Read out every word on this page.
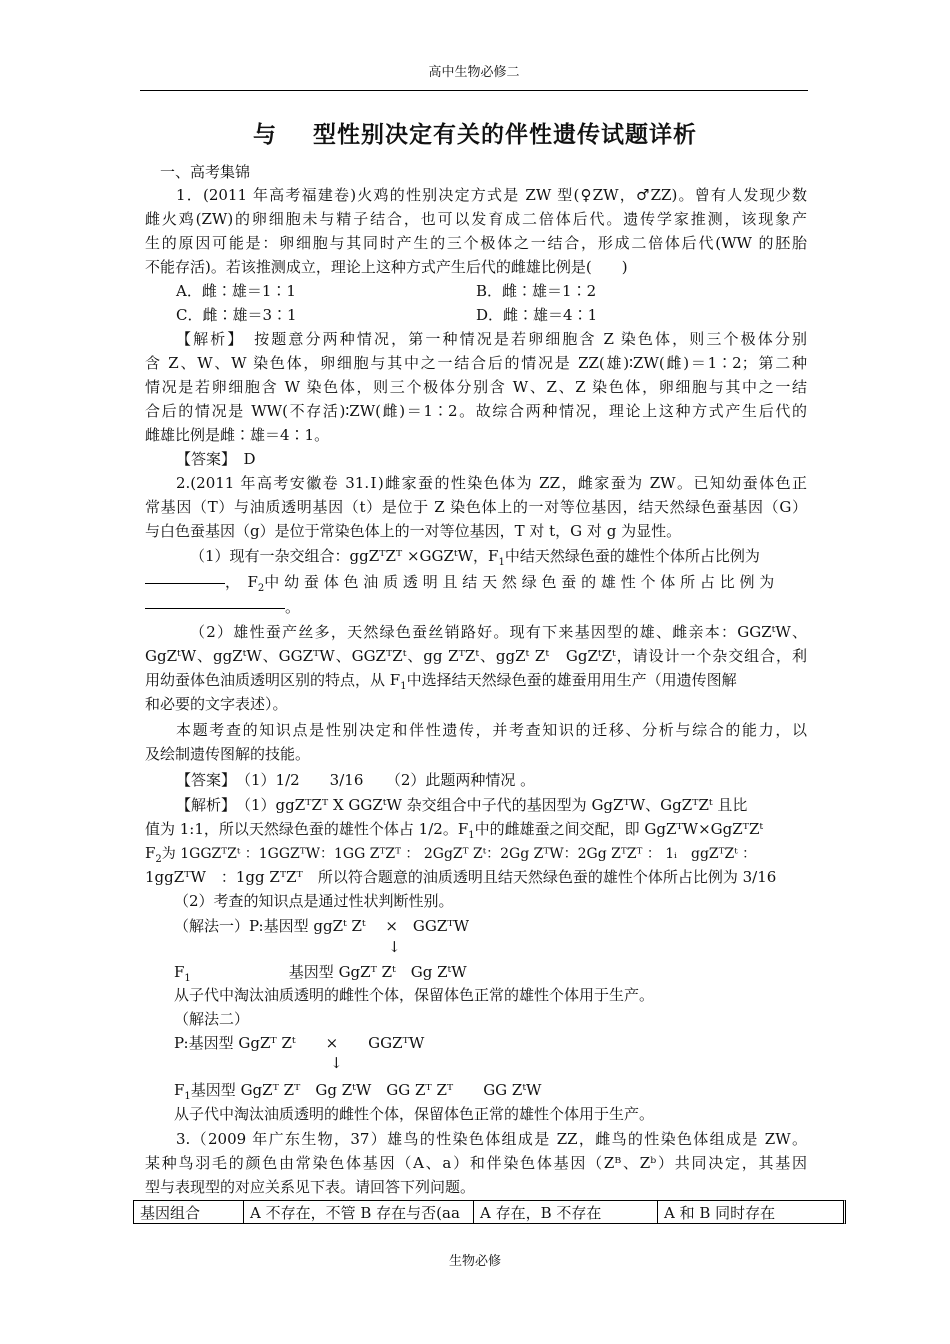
高中生物必修二
与 型性别决定有关的伴性遗传试题详析
一、高考集锦
1．(2011 年高考福建卷)火鸡的性别决定方式是 ZW 型(♀ZW，♂ZZ)。曾有人发现少数
雌火鸡(ZW)的卵细胞未与精子结合，也可以发育成二倍体后代。遗传学家推测，该现象产
生的原因可能是：卵细胞与其同时产生的三个极体之一结合，形成二倍体后代(WW 的胚胎
不能存活)。若该推测成立，理论上这种方式产生后代的雌雄比例是(　　)
A．雌∶雄＝1∶1	B．雌∶雄＝1∶2
C．雌∶雄＝3∶1	D．雌∶雄＝4∶1
【解析】　按题意分两种情况，第一种情况是若卵细胞含 Z 染色体，则三个极体分别
含 Z、W、W 染色体，卵细胞与其中之一结合后的情况是 ZZ(雄)∶ZW(雌)＝1∶2；第二种
情况是若卵细胞含 W 染色体，则三个极体分别含 W、Z、Z 染色体，卵细胞与其中之一结
合后的情况是 WW(不存活)∶ZW(雌)＝1∶2。故综合两种情况，理论上这种方式产生后代的
雌雄比例是雌∶雄＝4∶1。
【答案】　D
2.(2011 年高考安徽卷 31.Ⅰ)雌家蚕的性染色体为 ZZ，雌家蚕为 ZW。已知幼蚕体色正
常基因（T）与油质透明基因（t）是位于 Z 染色体上的一对等位基因，结天然绿色蚕基因（G）
与白色蚕基因（g）是位于常染色体上的一对等位基因，T 对 t，G 对 g 为显性。
（1）现有一杂交组合：ggZᵀZᵀ ×GGZᵗW，$F_1$中结天然绿色蚕的雄性个体所占比例为
，　$F_2$中幼蚕体色油质透明且结天然绿色蚕的雄性个体所占比例为
。
（2）雄性蚕产丝多，天然绿色蚕丝销路好。现有下来基因型的雄、雌亲本：GGZᵗW、
GgZᵗW、ggZᵗW、GGZᵀW、GGZᵀZᵗ、gg ZᵀZᵗ、ggZᵗ Zᵗ　GgZᵗZᵗ，请设计一个杂交组合，利
用幼蚕体色油质透明区别的特点，从 $F_1$中选择结天然绿色蚕的雄蚕用用生产（用遗传图解
和必要的文字表述）。
本题考查的知识点是性别决定和伴性遗传，并考查知识的迁移、分析与综合的能力，以
及绘制遗传图解的技能。
【答案】　（1）1/2　　3/16　　（2）此题两种情况 。
【解析】　（1）ggZᵀZᵀ X GGZᵗW 杂交组合中子代的基因型为 GgZᵀW、GgZᵀZᵗ 且比
值为 1:1，所以天然绿色蚕的雄性个体占 1/2。$F_1$中的雌雄蚕之间交配，即 GgZᵀW×GgZᵀZᵗ
$F_2$为 1GGZᵀZᵗ ：1GGZᵀW：1GG ZᵀZᵀ ： 2GgZᵀ Zᵗ：2Gg ZᵀW：2Gg ZᵀZᵀ ： 1ᵢ　ggZᵀZᵗ ：
1ggZᵀW　：1gg ZᵀZᵀ　所以符合题意的油质透明且结天然绿色蚕的雄性个体所占比例为 3/16
（2）考查的知识点是通过性状判断性别。
（解法一）P:基因型 ggZᵗ Zᵗ　 ×　GGZᵀW
↓
$F_1$	基因型 GgZᵀ Zᵗ　Gg ZᵗW
从子代中淘汰油质透明的雌性个体，保留体色正常的雄性个体用于生产。
（解法二）
P:基因型 GgZᵀ Zᵗ　　×　　GGZᵀW
↓
$F_1$基因型 GgZᵀ Zᵀ　Gg ZᵗW　GG Zᵀ Zᵀ　　GG ZᵗW
从子代中淘汰油质透明的雌性个体，保留体色正常的雄性个体用于生产。
3.（2009 年广东生物，37）雄鸟的性染色体组成是 ZZ，雌鸟的性染色体组成是 ZW。
某种鸟羽毛的颜色由常染色体基因（A、a）和伴染色体基因（Zᴮ、Zᵇ）共同决定，其基因
型与表现型的对应关系见下表。请回答下列问题。
基因组合	A 不存在，不管 B 存在与否(aa	A 存在，B 不存在	A 和 B 同时存在
生物必修
